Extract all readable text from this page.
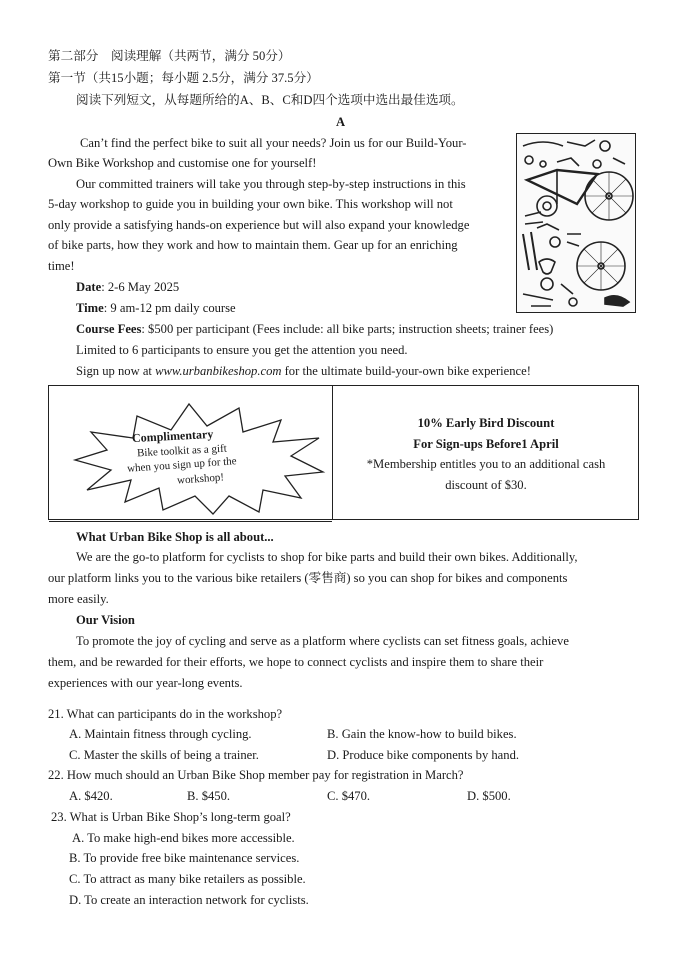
第二部分　阅读理解（共两节，满分 50分）
第一节（共15小题；每小题 2.5分，满分 37.5分）
阅读下列短文，从每题所给的A、B、C和D四个选项中选出最佳选项。
A
Can’t find the perfect bike to suit all your needs? Join us for our Build-Your-
Own Bike Workshop and customise one for yourself!
Our committed trainers will take you through step-by-step instructions in this
5-day workshop to guide you in building your own bike. This workshop will not
only provide a satisfying hands-on experience but will also expand your knowledge
of bike parts, how they work and how to maintain them. Gear up for an enriching
time!
Date: 2-6 May 2025
Time: 9 am-12 pm daily course
Course Fees: $500 per participant (Fees include: all bike parts; instruction sheets; trainer fees)
Limited to 6 participants to ensure you get the attention you need.
Sign up now at www.urbanbikeshop.com for the ultimate build-your-own bike experience!
Complimentary
Bike toolkit as a gift
when you sign up for the
workshop!
10% Early Bird Discount
For Sign-ups Before1 April
*Membership entitles you to an additional cash
discount of $30.
What Urban Bike Shop is all about...
We are the go-to platform for cyclists to shop for bike parts and build their own bikes. Additionally,
our platform links you to the various bike retailers (零售商) so you can shop for bikes and components
more easily.
Our Vision
To promote the joy of cycling and serve as a platform where cyclists can set fitness goals, achieve
them, and be rewarded for their efforts, we hope to connect cyclists and inspire them to share their
experiences with our year-long events.
21. What can participants do in the workshop?
A. Maintain fitness through cycling.	B. Gain the know-how to build bikes.
C. Master the skills of being a trainer.	D. Produce bike components by hand.
22. How much should an Urban Bike Shop member pay for registration in March?
A. $420.	B. $450.	C. $470.	D. $500.
23. What is Urban Bike Shop’s long-term goal?
A. To make high-end bikes more accessible.
B. To provide free bike maintenance services.
C. To attract as many bike retailers as possible.
D. To create an interaction network for cyclists.
